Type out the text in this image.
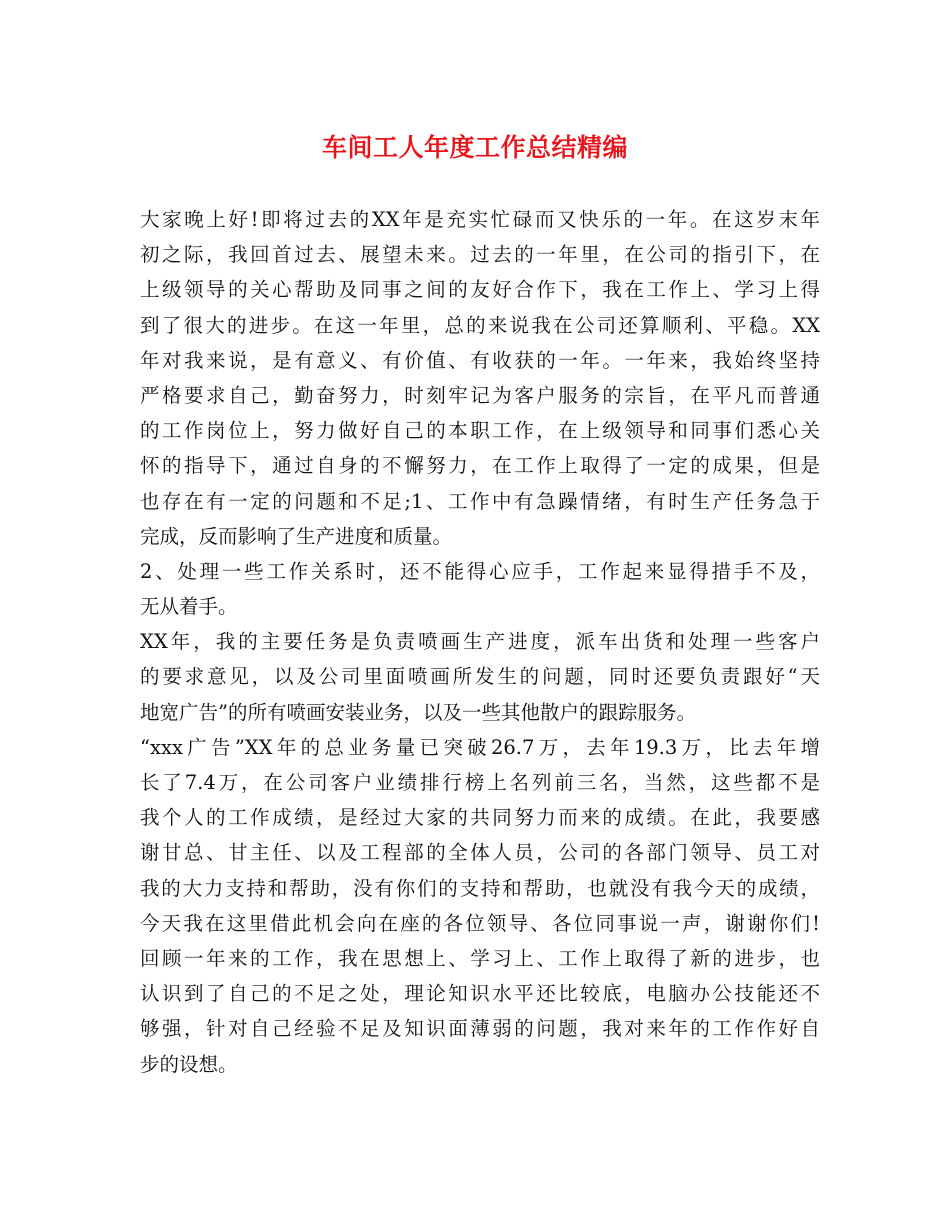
车间工人年度工作总结精编
大家晚上好!即将过去的XX年是充实忙碌而又快乐的一年。在这岁末年
初之际，我回首过去、展望未来。过去的一年里，在公司的指引下，在
上级领导的关心帮助及同事之间的友好合作下，我在工作上、学习上得
到了很大的进步。在这一年里，总的来说我在公司还算顺利、平稳。XX
年对我来说，是有意义、有价值、有收获的一年。一年来，我始终坚持
严格要求自己，勤奋努力，时刻牢记为客户服务的宗旨，在平凡而普通
的工作岗位上，努力做好自己的本职工作，在上级领导和同事们悉心关
怀的指导下，通过自身的不懈努力，在工作上取得了一定的成果，但是
也存在有一定的问题和不足;1、工作中有急躁情绪，有时生产任务急于
完成，反而影响了生产进度和质量。
2、处理一些工作关系时，还不能得心应手，工作起来显得措手不及，
无从着手。
XX年，我的主要任务是负责喷画生产进度，派车出货和处理一些客户
的要求意见，以及公司里面喷画所发生的问题，同时还要负责跟好“天
地宽广告”的所有喷画安装业务，以及一些其他散户的跟踪服务。
“xxx广告”XX年的总业务量已突破26.7万，去年19.3万，比去年增
长了7.4万，在公司客户业绩排行榜上名列前三名，当然，这些都不是
我个人的工作成绩，是经过大家的共同努力而来的成绩。在此，我要感
谢甘总、甘主任、以及工程部的全体人员，公司的各部门领导、员工对
我的大力支持和帮助，没有你们的支持和帮助，也就没有我今天的成绩，
今天我在这里借此机会向在座的各位领导、各位同事说一声，谢谢你们!
回顾一年来的工作，我在思想上、学习上、工作上取得了新的进步，也
认识到了自己的不足之处，理论知识水平还比较底，电脑办公技能还不
够强，针对自己经验不足及知识面薄弱的问题，我对来年的工作作好自
步的设想。
